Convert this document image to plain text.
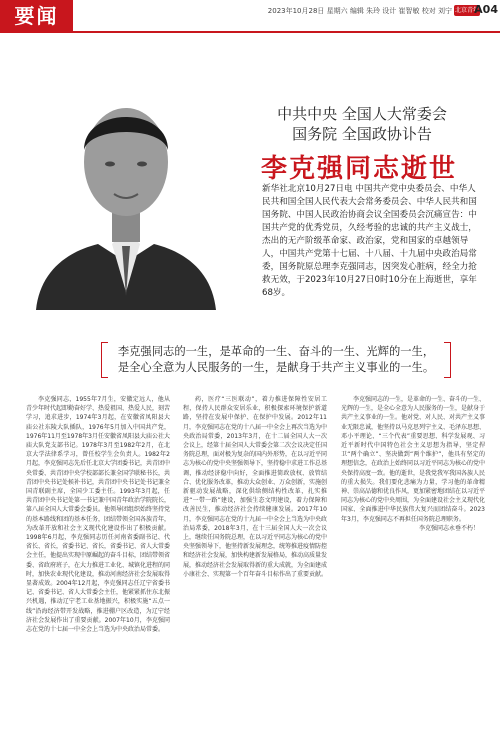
要闻	2023年10月28日 星期六 编辑 朱玲 设计 崔智敏 校对 刘宁 北京青年报
A04
中共中央 全国人大常委会
国务院 全国政协讣告
李克强同志逝世
新华社北京10月27日电 中国共产党中央委员会、中华人民共和国全国人民代表大会常务委员会、中华人民共和国国务院、中国人民政治协商会议全国委员会沉痛宣告：中国共产党的优秀党员，久经考验的忠诚的共产主义战士，杰出的无产阶级革命家、政治家，党和国家的卓越领导人，中国共产党第十七届、十八届、十九届中央政治局常委，国务院原总理李克强同志，因突发心脏病，经全力抢救无效，于2023年10月27日0时10分在上海逝世，享年68岁。
李克强同志的一生，是革命的一生、奋斗的一生、光辉的一生，是全心全意为人民服务的一生，是献身于共产主义事业的一生。

李克强同志，1955年7月生，安徽定远人，他从青少年时代起即勤奋好学、热爱祖国、热爱人民，刻苦学习，追求进步，1974年3月起，在安徽省凤阳县大庙公社东陵大队插队，1976年5月加入中国共产党，1976年11月至1978年3月任安徽省凤阳县大庙公社大庙大队党支部书记。1978年3月至1982年2月，在北京大学法律系学习，曾任校学生会负责人。1982年2月起，李克强同志先后任北京大学团委书记，共青团中央常委、共青团中央学校部部长兼全国学联秘书长，共青团中央书记处候补书记，共青团中央书记处书记兼全国青联副主席，全国少工委主任。1993年3月起，任共青团中央书记处第一书记兼中国青年政治学院院长，第八届全国人大常委会委员。他领导团组织始终坚持党的基本路线和团的基本任务，团结带领全国各族青年，为改革开放和社会主义现代化建设作出了积极贡献。1998年6月起，李克强同志历任河南省委副书记、代省长、省长，省委书记、省长，省委书记、省人大常委会主任，他提出实现中原崛起的奋斗目标，团结带领省委、省政府班子，在大力推进工业化、城镇化进程的同时，加快农业现代化建设，推动河南经济社会发展取得显著成效。2004年12月起，李克强同志任辽宁省委书记、省委书记、省人大常委会主任，他紧紧抓住东北振兴机遇，推动辽宁老工业基地振兴，积极实施“五点一线”沿海经济带开发战略，推进棚户区改造，为辽宁经济社会发展作出了重要贡献。2007年10月，李克强同志在党的十七届一中全会上当选为中央政治局常委。

药，医疗“三医联动”，着力推进保障性安居工程，保持人民群众安居乐业，积极探索环境保护新道路，坚持在发展中保护、在保护中发展。2012年11月，李克强同志在党的十八届一中全会上再次当选为中央政治局常委，2013年3月，在十二届全国人大一次会议上，经第十届全国人大常委会第二次会议决定任国务院总理，面对极为复杂的国内外形势，在以习近平同志为核心的党中央坚强领导下，坚持稳中求进工作总基调，推动经济稳中向好，全面推进简政放权、放管结合、优化服务改革，推动大众创业、万众创新，实施创新驱动发展战略，深化供给侧结构性改革，扎实推进“一带一路”建设，加强生态文明建设，着力保障和改善民生，推动经济社会持续健康发展。2017年10月，李克强同志在党的十九届一中全会上当选为中央政治局常委，2018年3月，在十三届全国人大一次会议上，继续任国务院总理，在以习近平同志为核心的党中央坚强领导下，他坚持新发展理念，统筹推进疫情防控和经济社会发展，加快构建新发展格局，推动高质量发展，推动经济社会发展取得新的重大成就，为全面建成小康社会、实现第一个百年奋斗目标作出了重要贡献。

李克强同志的一生，是革命的一生、奋斗的一生、光辉的一生，是全心全意为人民服务的一生，是献身于共产主义事业的一生。他对党、对人民、对共产主义事业无限忠诚，他坚持以马克思列宁主义、毛泽东思想、邓小平理论、“三个代表”重要思想、科学发展观、习近平新时代中国特色社会主义思想为指导，坚定捍卫“两个确立”、坚决做到“两个维护”，他具有坚定的理想信念，在政治上始终同以习近平同志为核心的党中央保持高度一致。他的逝世，是我党我军我国各族人民的重大损失。我们要化悲痛为力量，学习他的革命精神、崇高品德和优良作风，更加紧密地团结在以习近平同志为核心的党中央周围，为全面建设社会主义现代化国家、全面推进中华民族伟大复兴而团结奋斗。2023年3月，李克强同志不再担任国务院总理职务。

李克强同志永垂不朽！
